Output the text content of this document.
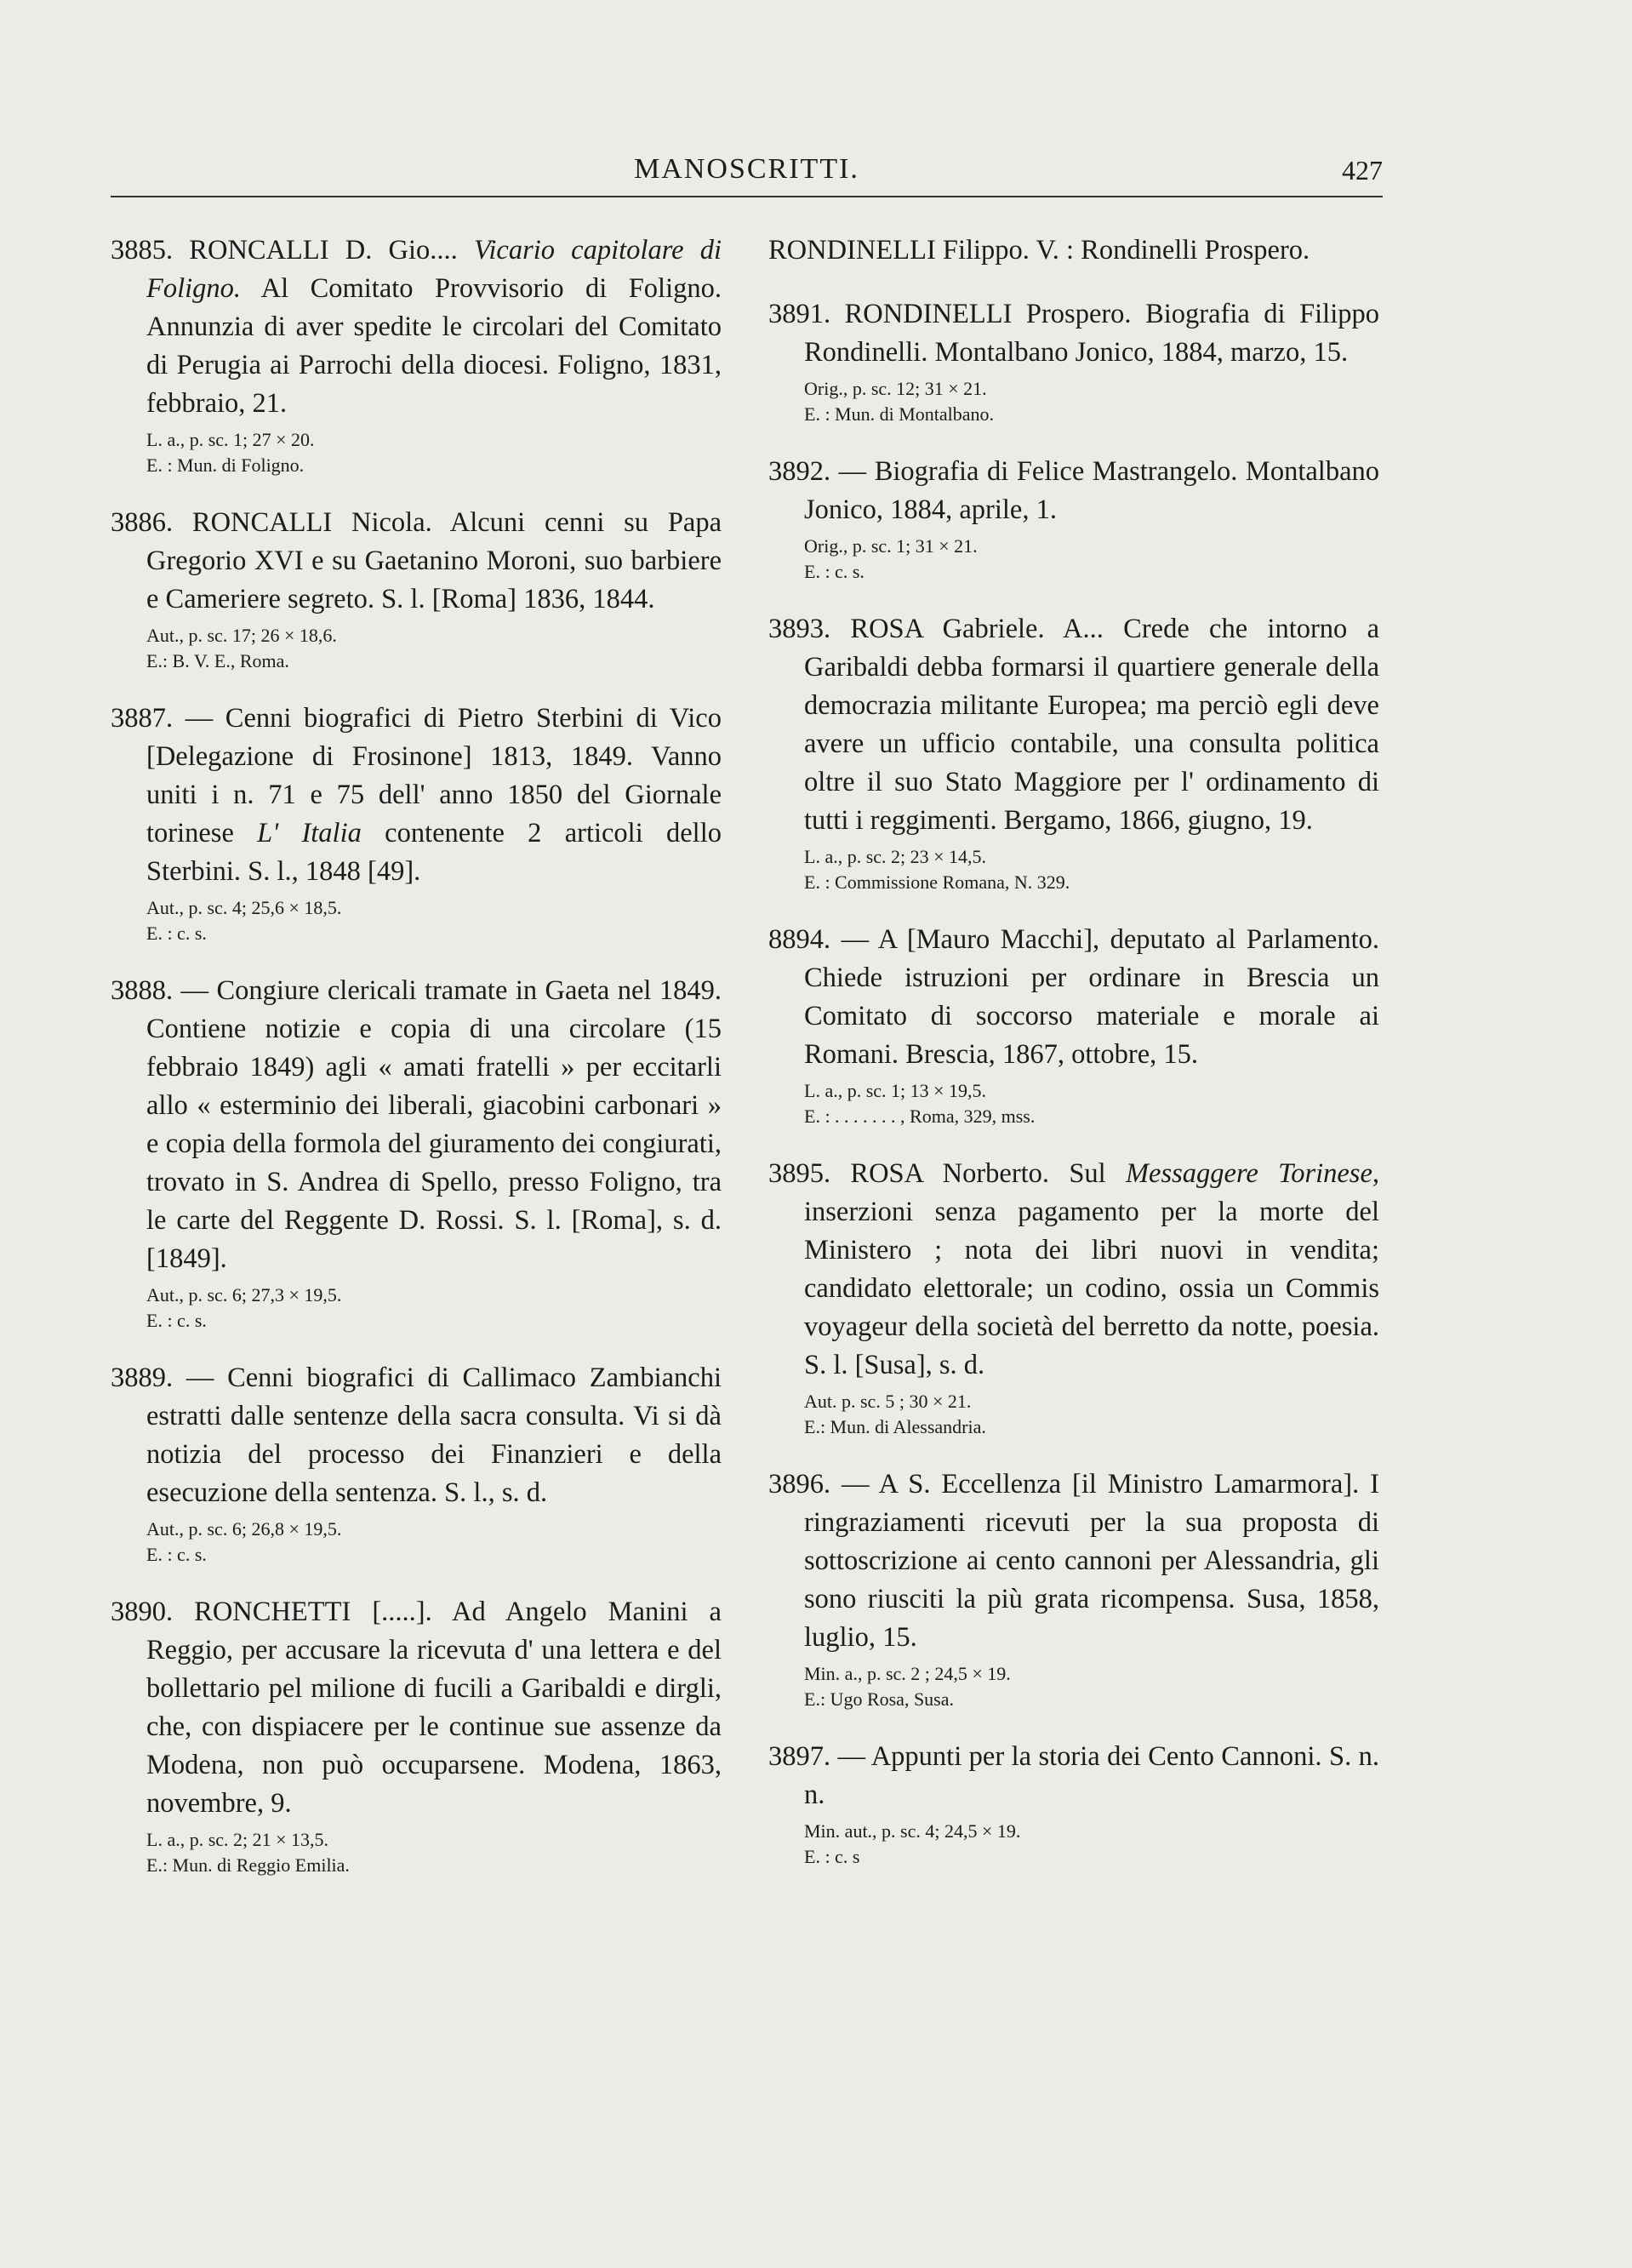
MANOSCRITTI.	427
3885. RONCALLI D. Gio.... Vicario capitolare di Foligno. Al Comitato Provvisorio di Foligno. Annunzia di aver spedite le circolari del Comitato di Perugia ai Parrochi della diocesi. Foligno, 1831, febbraio, 21.
L. a., p. sc. 1; 27 × 20.
E. : Mun. di Foligno.
3886. RONCALLI Nicola. Alcuni cenni su Papa Gregorio XVI e su Gaetanino Moroni, suo barbiere e Cameriere segreto. S. l. [Roma] 1836, 1844.
Aut., p. sc. 17; 26 × 18,6.
E.: B. V. E., Roma.
3887. — Cenni biografici di Pietro Sterbini di Vico [Delegazione di Frosinone] 1813, 1849. Vanno uniti i n. 71 e 75 dell' anno 1850 del Giornale torinese L' Italia contenente 2 articoli dello Sterbini. S. l., 1848 [49].
Aut., p. sc. 4; 25,6 × 18,5.
E. : c. s.
3888. — Congiure clericali tramate in Gaeta nel 1849. Contiene notizie e copia di una circolare (15 febbraio 1849) agli « amati fratelli » per eccitarli allo « esterminio dei liberali, giacobini carbonari » e copia della formola del giuramento dei congiurati, trovato in S. Andrea di Spello, presso Foligno, tra le carte del Reggente D. Rossi. S. l. [Roma], s. d. [1849].
Aut., p. sc. 6; 27,3 × 19,5.
E. : c. s.
3889. — Cenni biografici di Callimaco Zambianchi estratti dalle sentenze della sacra consulta. Vi si dà notizia del processo dei Finanzieri e della esecuzione della sentenza. S. l., s. d.
Aut., p. sc. 6; 26,8 × 19,5.
E. : c. s.
3890. RONCHETTI [.....]. Ad Angelo Manini a Reggio, per accusare la ricevuta d' una lettera e del bollettario pel milione di fucili a Garibaldi e dirgli, che, con dispiacere per le continue sue assenze da Modena, non può occuparsene. Modena, 1863, novembre, 9.
L. a., p. sc. 2; 21 × 13,5.
E.: Mun. di Reggio Emilia.
RONDINELLI Filippo. V. : Rondinelli Prospero.
3891. RONDINELLI Prospero. Biografia di Filippo Rondinelli. Montalbano Jonico, 1884, marzo, 15.
Orig., p. sc. 12; 31 × 21.
E. : Mun. di Montalbano.
3892. — Biografia di Felice Mastrangelo. Montalbano Jonico, 1884, aprile, 1.
Orig., p. sc. 1; 31 × 21.
E. : c. s.
3893. ROSA Gabriele. A... Crede che intorno a Garibaldi debba formarsi il quartiere generale della democrazia militante Europea; ma perciò egli deve avere un ufficio contabile, una consulta politica oltre il suo Stato Maggiore per l' ordinamento di tutti i reggimenti. Bergamo, 1866, giugno, 19.
L. a., p. sc. 2; 23 × 14,5.
E. : Commissione Romana, N. 329.
8894. — A [Mauro Macchi], deputato al Parlamento. Chiede istruzioni per ordinare in Brescia un Comitato di soccorso materiale e morale ai Romani. Brescia, 1867, ottobre, 15.
L. a., p. sc. 1; 13 × 19,5.
E. : . . . . . . . , Roma, 329, mss.
3895. ROSA Norberto. Sul Messaggere Torinese, inserzioni senza pagamento per la morte del Ministero ; nota dei libri nuovi in vendita; candidato elettorale; un codino, ossia un Commis voyageur della società del berretto da notte, poesia. S. l. [Susa], s. d.
Aut. p. sc. 5 ; 30 × 21.
E.: Mun. di Alessandria.
3896. — A S. Eccellenza [il Ministro Lamarmora]. I ringraziamenti ricevuti per la sua proposta di sottoscrizione ai cento cannoni per Alessandria, gli sono riusciti la più grata ricompensa. Susa, 1858, luglio, 15.
Min. a., p. sc. 2 ; 24,5 × 19.
E.: Ugo Rosa, Susa.
3897. — Appunti per la storia dei Cento Cannoni. S. n. n.
Min. aut., p. sc. 4; 24,5 × 19.
E. : c. s
